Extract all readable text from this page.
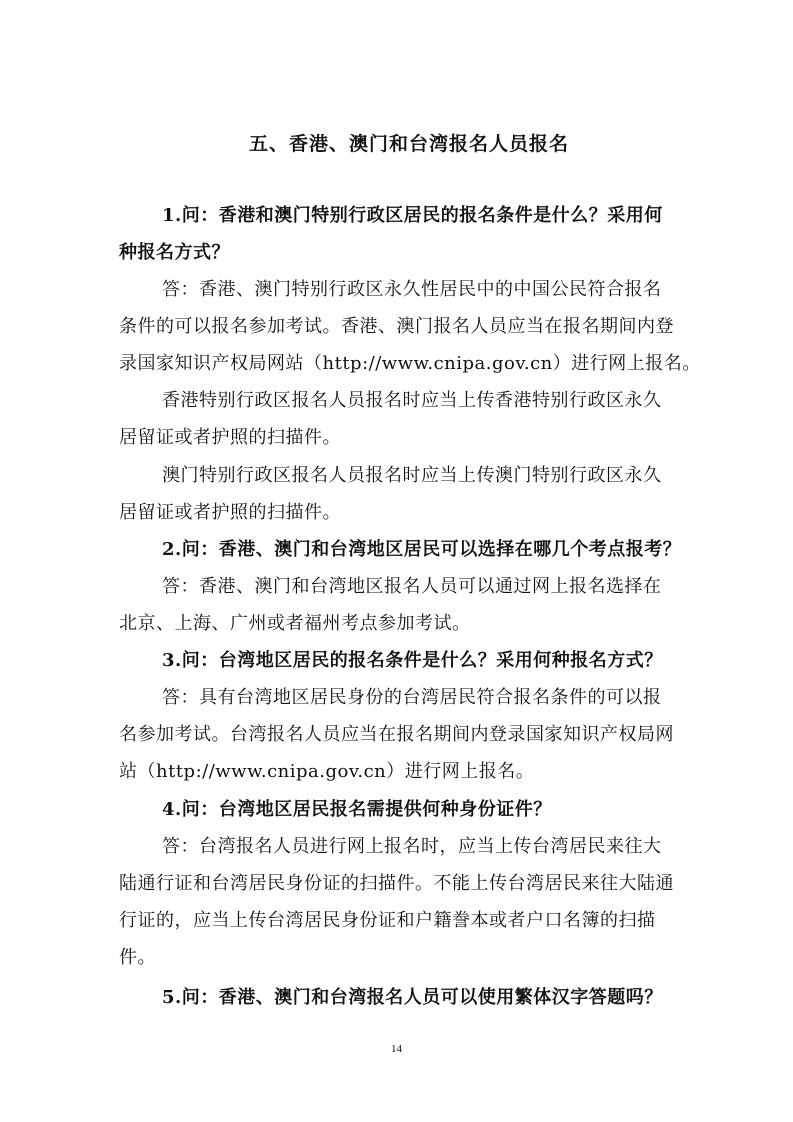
五、香港、澳门和台湾报名人员报名
1.问：香港和澳门特别行政区居民的报名条件是什么？采用何
种报名方式？
答：香港、澳门特别行政区永久性居民中的中国公民符合报名
条件的可以报名参加考试。香港、澳门报名人员应当在报名期间内登
录国家知识产权局网站（http://www.cnipa.gov.cn）进行网上报名。
香港特别行政区报名人员报名时应当上传香港特别行政区永久
居留证或者护照的扫描件。
澳门特别行政区报名人员报名时应当上传澳门特别行政区永久
居留证或者护照的扫描件。
2.问：香港、澳门和台湾地区居民可以选择在哪几个考点报考？
答：香港、澳门和台湾地区报名人员可以通过网上报名选择在
北京、上海、广州或者福州考点参加考试。
3.问：台湾地区居民的报名条件是什么？采用何种报名方式？
答：具有台湾地区居民身份的台湾居民符合报名条件的可以报
名参加考试。台湾报名人员应当在报名期间内登录国家知识产权局网
站（http://www.cnipa.gov.cn）进行网上报名。
4.问：台湾地区居民报名需提供何种身份证件？
答：台湾报名人员进行网上报名时，应当上传台湾居民来往大
陆通行证和台湾居民身份证的扫描件。不能上传台湾居民来往大陆通
行证的，应当上传台湾居民身份证和户籍誊本或者户口名簿的扫描
件。
5.问：香港、澳门和台湾报名人员可以使用繁体汉字答题吗？
14
